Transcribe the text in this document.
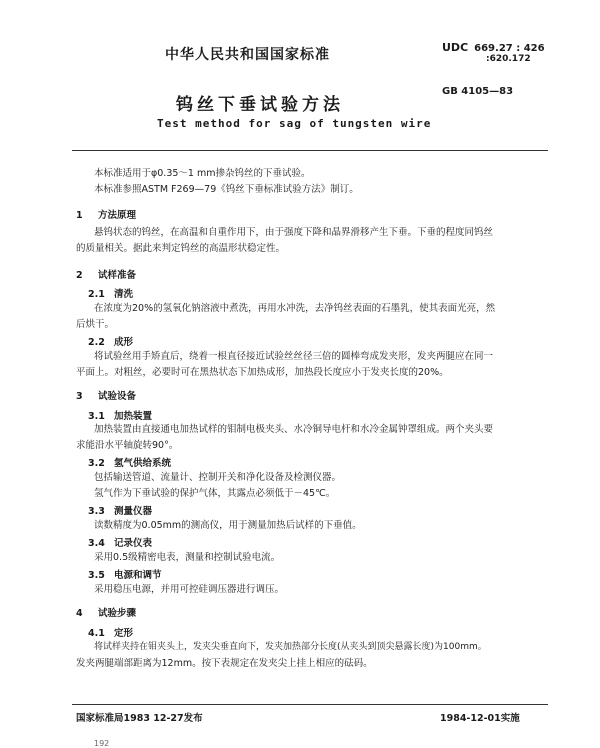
中华人民共和国国家标准	UDC 669.27 : 426
:620.172
GB 4105—83
钨丝下垂试验方法
Test method for sag of tungsten wire
本标准适用于φ0.35～1 mm掺杂钨丝的下垂试验。
本标准参照ASTM F269—79《钨丝下垂标准试验方法》制订。
1 方法原理
悬钨状态的钨丝，在高温和自重作用下，由于强度下降和晶界滑移产生下垂。下垂的程度同钨丝
的质量相关。据此来判定钨丝的高温形状稳定性。
2 试样准备
2.1 清洗
在浓度为20%的氢氧化钠溶液中煮洗，再用水冲洗，去净钨丝表面的石墨乳，使其表面光亮，然
后烘干。
2.2 成形
将试验丝用手矫直后，绕着一根直径接近试验丝丝径三倍的圆棒弯成发夹形，发夹两腿应在同一
平面上。对粗丝，必要时可在黑热状态下加热成形，加热段长度应小于发夹长度的20%。
3 试验设备
3.1 加热装置
加热装置由直接通电加热试样的钼制电极夹头、水冷铜导电杆和水冷金属钟罩组成。两个夹头要
求能沿水平轴旋转90°。
3.2 氢气供给系统
包括输送管道、流量计、控制开关和净化设备及检测仪器。
氢气作为下垂试验的保护气体，其露点必须低于－45℃。
3.3 测量仪器
读数精度为0.05mm的测高仪，用于测量加热后试样的下垂值。
3.4 记录仪表
采用0.5级精密电表，测量和控制试验电流。
3.5 电源和调节
采用稳压电源，并用可控硅调压器进行调压。
4 试验步骤
4.1 定形
将试样夹持在钼夹头上，发夹尖垂直向下，发夹加热部分长度(从夹头到顶尖悬露长度)为100mm。
发夹两腿端部距离为12mm。按下表规定在发夹尖上挂上相应的砝码。
国家标准局1983 12-27发布	1984-12-01实施
192
